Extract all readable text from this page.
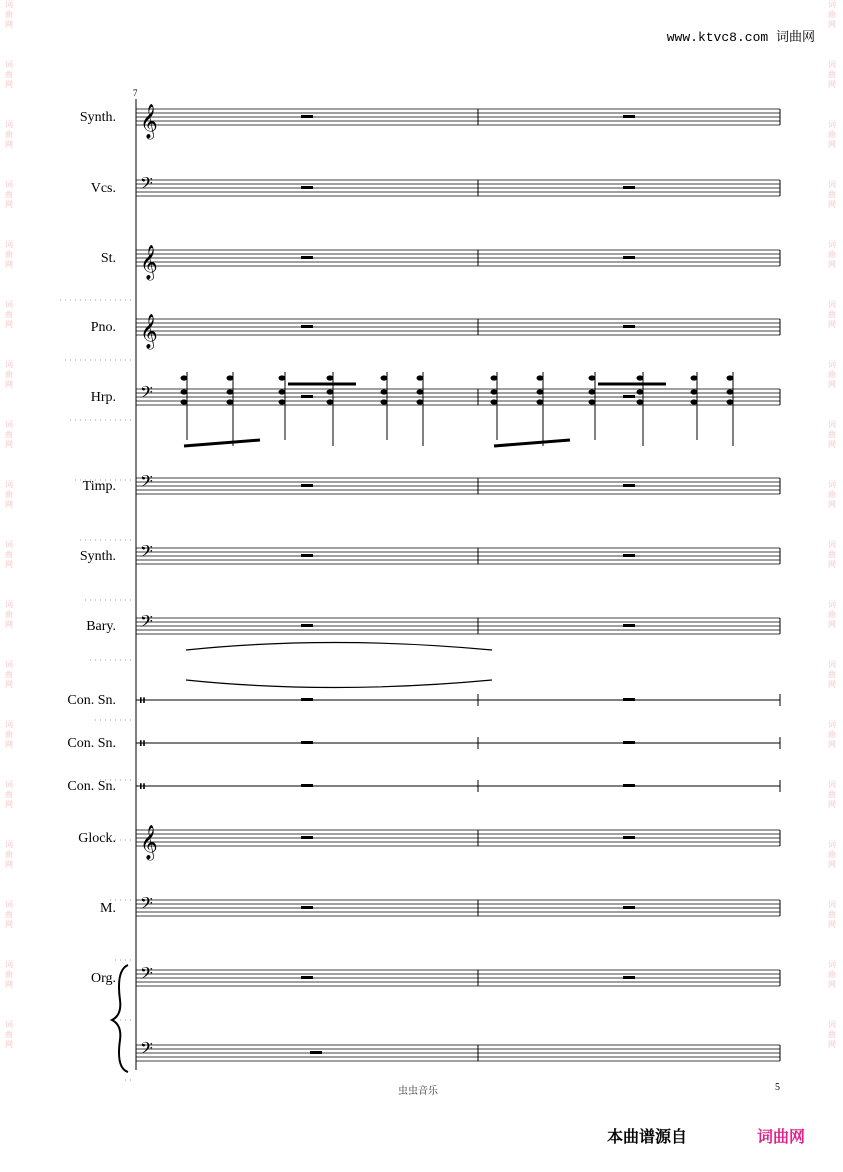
词
曲
网
词
曲
网
词
曲
网
词
曲
网
词
曲
网
词
曲
网
词
曲
网
词
曲
网
词
曲
网
词
曲
网
词
曲
网
词
曲
网
词
曲
网
词
曲
网
词
曲
网
词
曲
网
词
曲
网
词
曲
网
词
曲
网
词
曲
网
词
曲
网
词
曲
网
词
曲
网
词
曲
网
词
曲
网
词
曲
网
词
曲
网
词
曲
网
词
曲
网
词
曲
网
词
曲
网
词
曲
网
词
曲
网
词
曲
网
词
曲
网
词
曲
网
www.ktvc8.com 词曲网
7
𝄞
Synth.
𝄢
Vcs.
𝄞
St.
𝄞
Pno.
𝄢
Hrp.
𝄢
Timp.
𝄢
Synth.
𝄢
Bary.
𝄥
Con. Sn.
𝄥
Con. Sn.
𝄥
Con. Sn.
𝄞
Glock.
𝄢
M.
𝄢
Org.
𝄢
虫虫音乐	5
本曲谱源自	词曲网
